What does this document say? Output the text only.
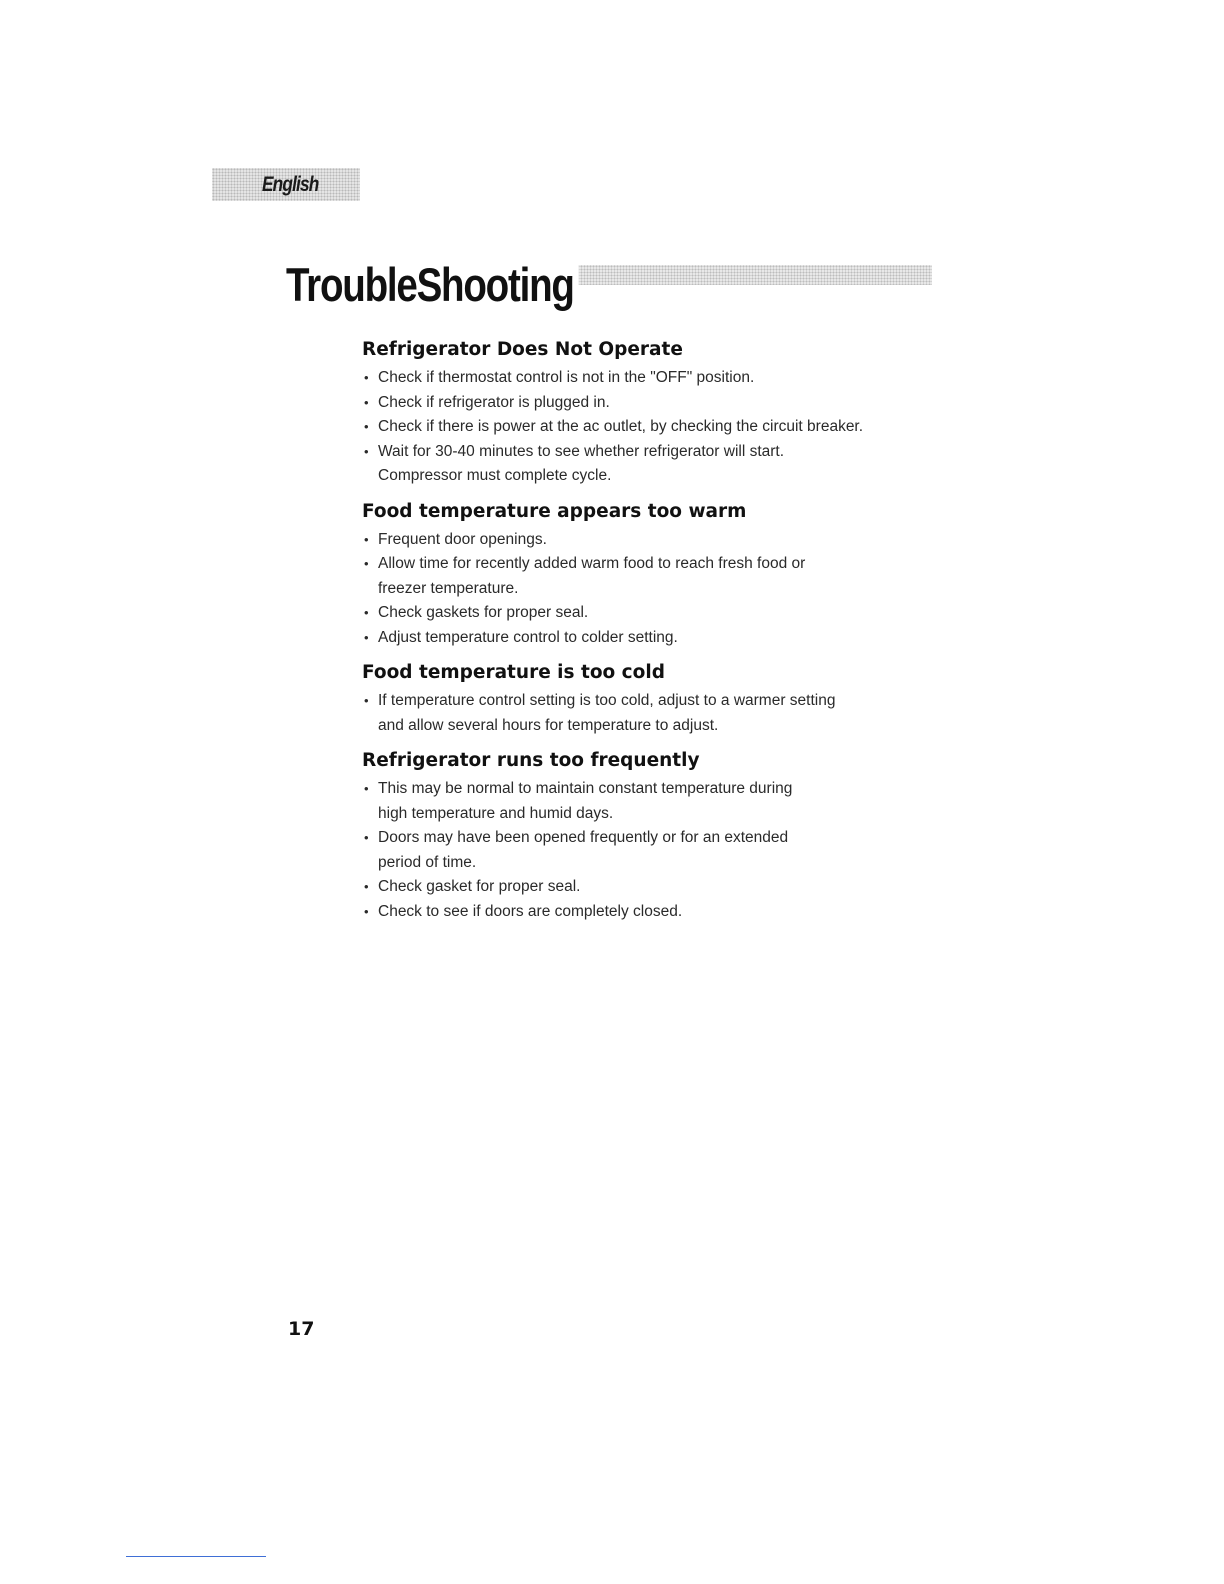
English
TroubleShooting
Refrigerator Does Not Operate
• Check if thermostat control is not in the "OFF" position.
• Check if refrigerator is plugged in.
• Check if there is power at the ac outlet, by checking the circuit breaker.
• Wait for 30-40 minutes to see whether refrigerator will start.
Compressor must complete cycle.
Food temperature appears too warm
• Frequent door openings.
• Allow time for recently added warm food to reach fresh food or
freezer temperature.
• Check gaskets for proper seal.
• Adjust temperature control to colder setting.
Food temperature is too cold
• If temperature control setting is too cold, adjust to a warmer setting
and allow several hours for temperature to adjust.
Refrigerator runs too frequently
• This may be normal to maintain constant temperature during
high temperature and humid days.
• Doors may have been opened frequently or for an extended
period of time.
• Check gasket for proper seal.
• Check to see if doors are completely closed.
17
